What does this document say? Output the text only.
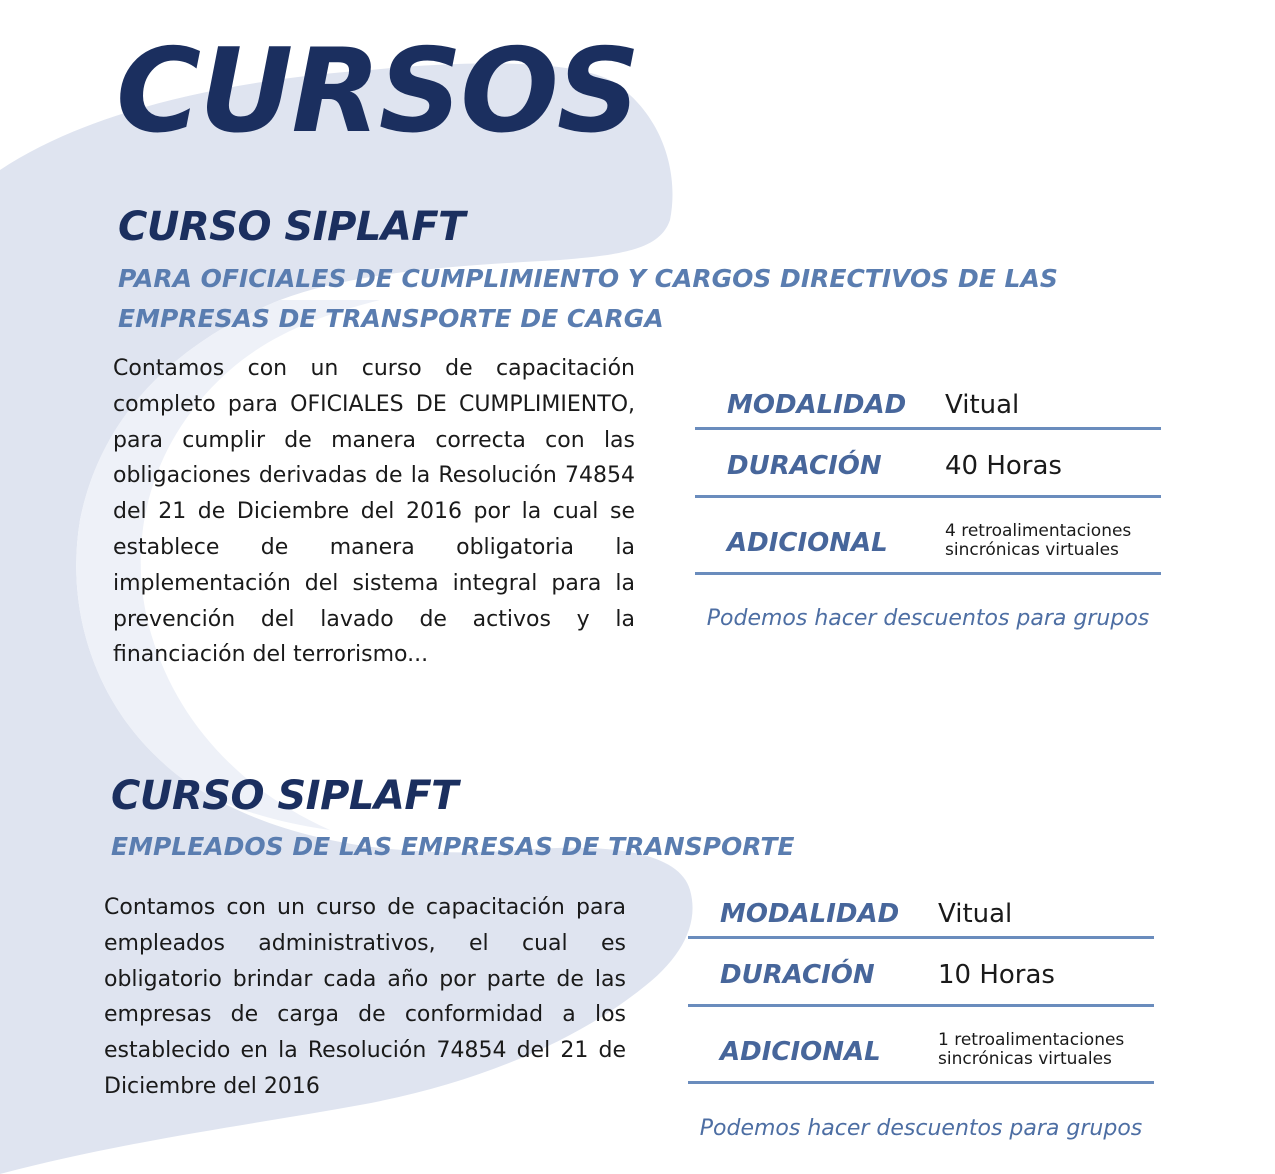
CURSOS
CURSO SIPLAFT

PARA OFICIALES DE CUMPLIMIENTO Y CARGOS DIRECTIVOS DE LAS

EMPRESAS DE TRANSPORTE DE CARGA

Contamos con un curso de capacitación completo para OFICIALES DE CUMPLIMIENTO, para cumplir de manera correcta con las obligaciones derivadas de la Resolución 74854 del 21 de Diciembre del 2016 por la cual se establece de manera obligatoria la implementación del sistema integral para la prevención del lavado de activos y la financiación del terrorismo...

MODALIDAD Vitual
DURACIÓN 40 Horas
ADICIONAL	4 retroalimentaciones sincrónicas virtuales

Podemos hacer descuentos para grupos

CURSO SIPLAFT

EMPLEADOS DE LAS EMPRESAS DE TRANSPORTE

Contamos con un curso de capacitación para empleados administrativos, el cual es obligatorio brindar cada año por parte de las empresas de carga de conformidad a los establecido en la Resolución 74854 del 21 de Diciembre del 2016

MODALIDAD Vitual
DURACIÓN 10 Horas
ADICIONAL	1 retroalimentaciones sincrónicas virtuales

Podemos hacer descuentos para grupos
